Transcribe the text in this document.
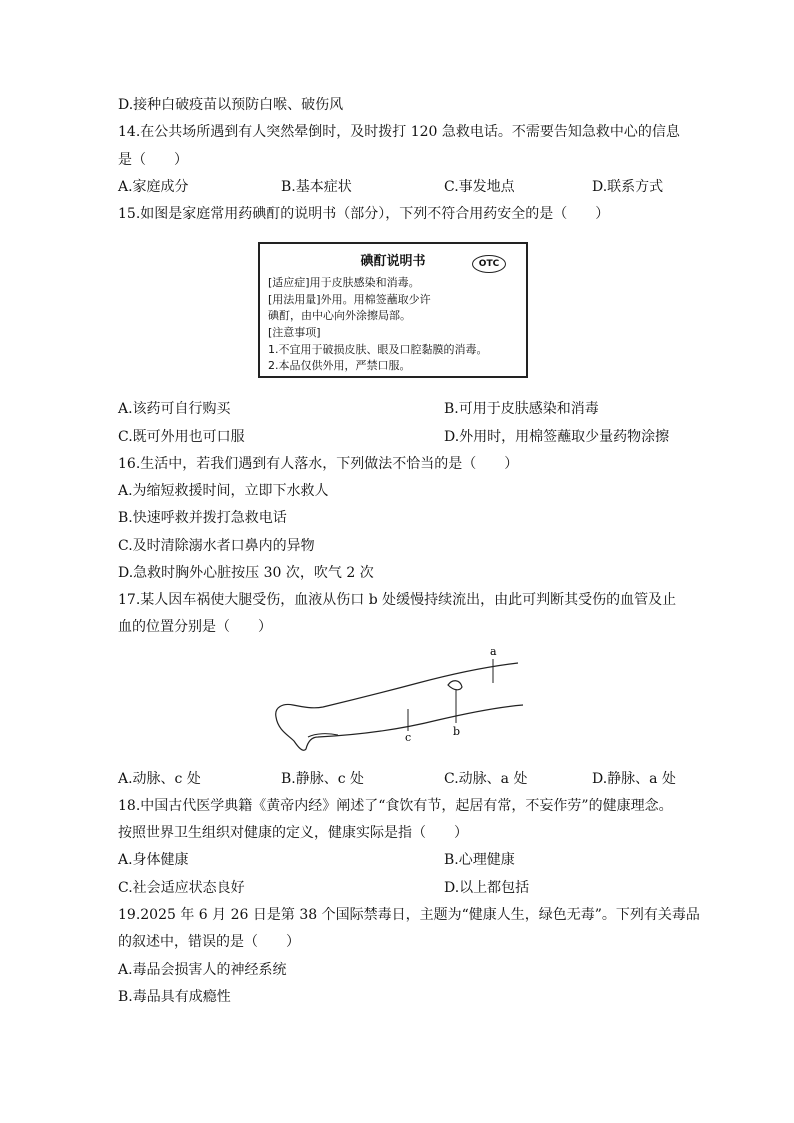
D.接种白破疫苗以预防白喉、破伤风
14.在公共场所遇到有人突然晕倒时，及时拨打 120 急救电话。不需要告知急救中心的信息
是（　　）
A.家庭成分	B.基本症状	C.事发地点	D.联系方式
15.如图是家庭常用药碘酊的说明书（部分），下列不符合用药安全的是（　　）
碘酊说明书	OTC
[适应症]用于皮肤感染和消毒。
[用法用量]外用。用棉签蘸取少许
碘酊，由中心向外涂擦局部。
[注意事项]
1.不宜用于破损皮肤、眼及口腔黏膜的消毒。
2.本品仅供外用，严禁口服。
A.该药可自行购买	B.可用于皮肤感染和消毒
C.既可外用也可口服	D.外用时，用棉签蘸取少量药物涂擦
16.生活中，若我们遇到有人落水，下列做法不恰当的是（　　）
A.为缩短救援时间，立即下水救人
B.快速呼救并拨打急救电话
C.及时清除溺水者口鼻内的异物
D.急救时胸外心脏按压 30 次，吹气 2 次
17.某人因车祸使大腿受伤，血液从伤口 b 处缓慢持续流出，由此可判断其受伤的血管及止
血的位置分别是（　　）
a
b
c
A.动脉、c 处	B.静脉、c 处	C.动脉、a 处	D.静脉、a 处
18.中国古代医学典籍《黄帝内经》阐述了“食饮有节，起居有常，不妄作劳”的健康理念。
按照世界卫生组织对健康的定义，健康实际是指（　　）
A.身体健康	B.心理健康
C.社会适应状态良好	D.以上都包括
19.2025 年 6 月 26 日是第 38 个国际禁毒日，主题为“健康人生，绿色无毒”。下列有关毒品
的叙述中，错误的是（　　）
A.毒品会损害人的神经系统
B.毒品具有成瘾性
